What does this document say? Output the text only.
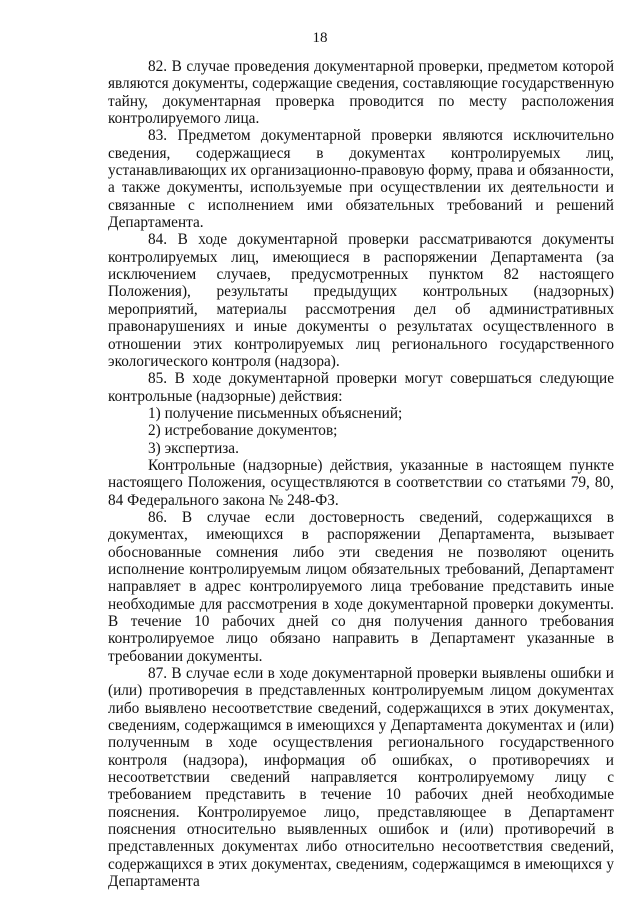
18

82. В случае проведения документарной проверки, предметом которой являются документы, содержащие сведения, составляющие государственную тайну, документарная проверка проводится по месту расположения контролируемого лица.

83. Предметом документарной проверки являются исключительно сведения, содержащиеся в документах контролируемых лиц, устанавливающих их организационно-правовую форму, права и обязанности, а также документы, используемые при осуществлении их деятельности и связанные с исполнением ими обязательных требований и решений Департамента.

84. В ходе документарной проверки рассматриваются документы контролируемых лиц, имеющиеся в распоряжении Департамента (за исключением случаев, предусмотренных пунктом 82 настоящего Положения), результаты предыдущих контрольных (надзорных) мероприятий, материалы рассмотрения дел об административных правонарушениях и иные документы о результатах осуществленного в отношении этих контролируемых лиц регионального государственного экологического контроля (надзора).

85. В ходе документарной проверки могут совершаться следующие контрольные (надзорные) действия:

1) получение письменных объяснений;

2) истребование документов;

3) экспертиза.

Контрольные (надзорные) действия, указанные в настоящем пункте настоящего Положения, осуществляются в соответствии со статьями 79, 80, 84 Федерального закона № 248-ФЗ.

86. В случае если достоверность сведений, содержащихся в документах, имеющихся в распоряжении Департамента, вызывает обоснованные сомнения либо эти сведения не позволяют оценить исполнение контролируемым лицом обязательных требований, Департамент направляет в адрес контролируемого лица требование представить иные необходимые для рассмотрения в ходе документарной проверки документы. В течение 10 рабочих дней со дня получения данного требования контролируемое лицо обязано направить в Департамент указанные в требовании документы.

87. В случае если в ходе документарной проверки выявлены ошибки и (или) противоречия в представленных контролируемым лицом документах либо выявлено несоответствие сведений, содержащихся в этих документах, сведениям, содержащимся в имеющихся у Департамента документах и (или) полученным в ходе осуществления регионального государственного контроля (надзора), информация об ошибках, о противоречиях и несоответствии сведений направляется контролируемому лицу с требованием представить в течение 10 рабочих дней необходимые пояснения. Контролируемое лицо, представляющее в Департамент пояснения относительно выявленных ошибок и (или) противоречий в представленных документах либо относительно несоответствия сведений, содержащихся в этих документах, сведениям, содержащимся в имеющихся у Департамента
